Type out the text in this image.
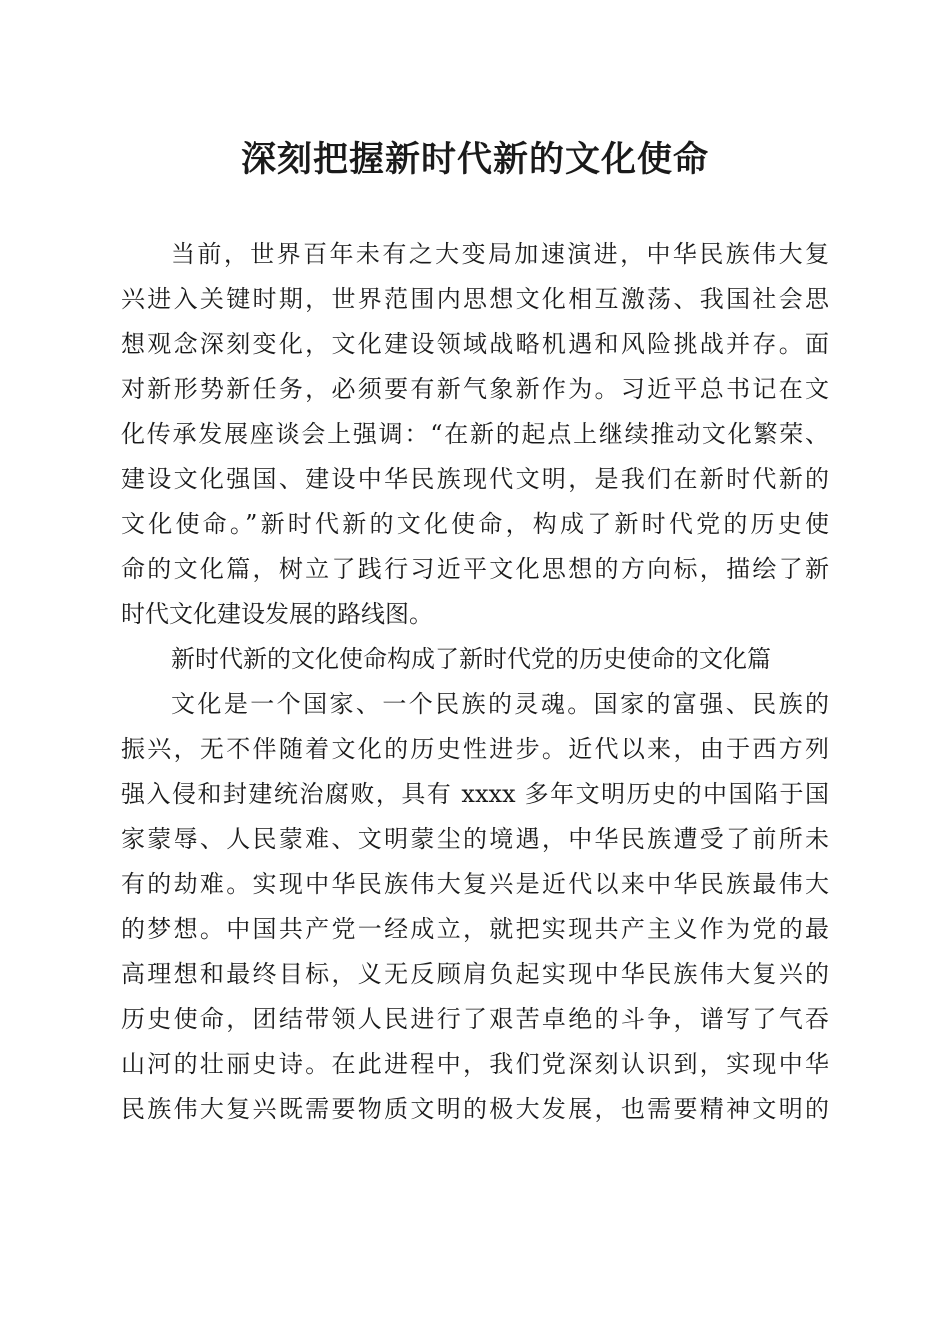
深刻把握新时代新的文化使命
当前，世界百年未有之大变局加速演进，中华民族伟大复
兴进入关键时期，世界范围内思想文化相互激荡、我国社会思
想观念深刻变化，文化建设领域战略机遇和风险挑战并存。面
对新形势新任务，必须要有新气象新作为。习近平总书记在文
化传承发展座谈会上强调：“在新的起点上继续推动文化繁荣、
建设文化强国、建设中华民族现代文明，是我们在新时代新的
文化使命。”新时代新的文化使命，构成了新时代党的历史使
命的文化篇，树立了践行习近平文化思想的方向标，描绘了新
时代文化建设发展的路线图。
新时代新的文化使命构成了新时代党的历史使命的文化篇
文化是一个国家、一个民族的灵魂。国家的富强、民族的
振兴，无不伴随着文化的历史性进步。近代以来，由于西方列
强入侵和封建统治腐败，具有 xxxx 多年文明历史的中国陷于国
家蒙辱、人民蒙难、文明蒙尘的境遇，中华民族遭受了前所未
有的劫难。实现中华民族伟大复兴是近代以来中华民族最伟大
的梦想。中国共产党一经成立，就把实现共产主义作为党的最
高理想和最终目标，义无反顾肩负起实现中华民族伟大复兴的
历史使命，团结带领人民进行了艰苦卓绝的斗争，谱写了气吞
山河的壮丽史诗。在此进程中，我们党深刻认识到，实现中华
民族伟大复兴既需要物质文明的极大发展，也需要精神文明的
